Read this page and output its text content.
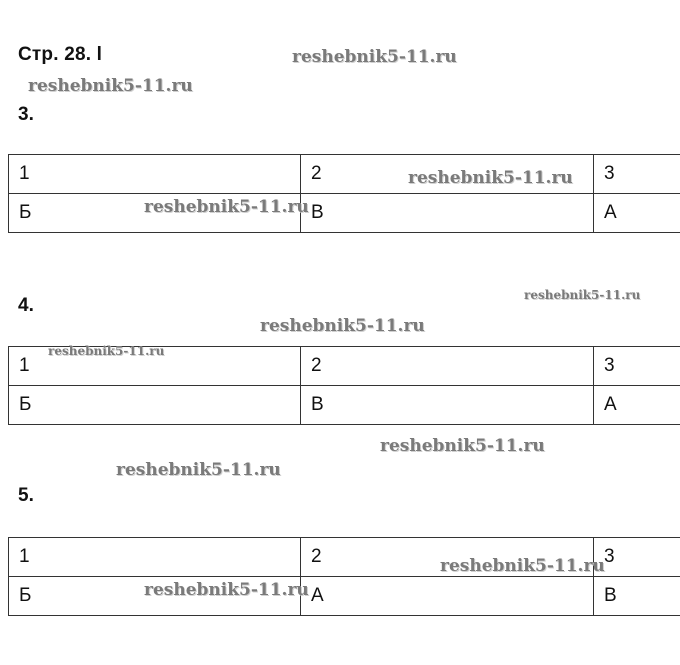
Стр. 28. l
3.
1	2	3
Б	В	А
4.
1	2	3
Б	В	А
5.
1	2	3
Б	А	В
reshebnik5-11.ru
reshebnik5-11.ru
reshebnik5-11.ru
reshebnik5-11.ru
reshebnik5-11.ru
reshebnik5-11.ru
reshebnik5-11.ru
reshebnik5-11.ru
reshebnik5-11.ru
reshebnik5-11.ru
reshebnik5-11.ru
